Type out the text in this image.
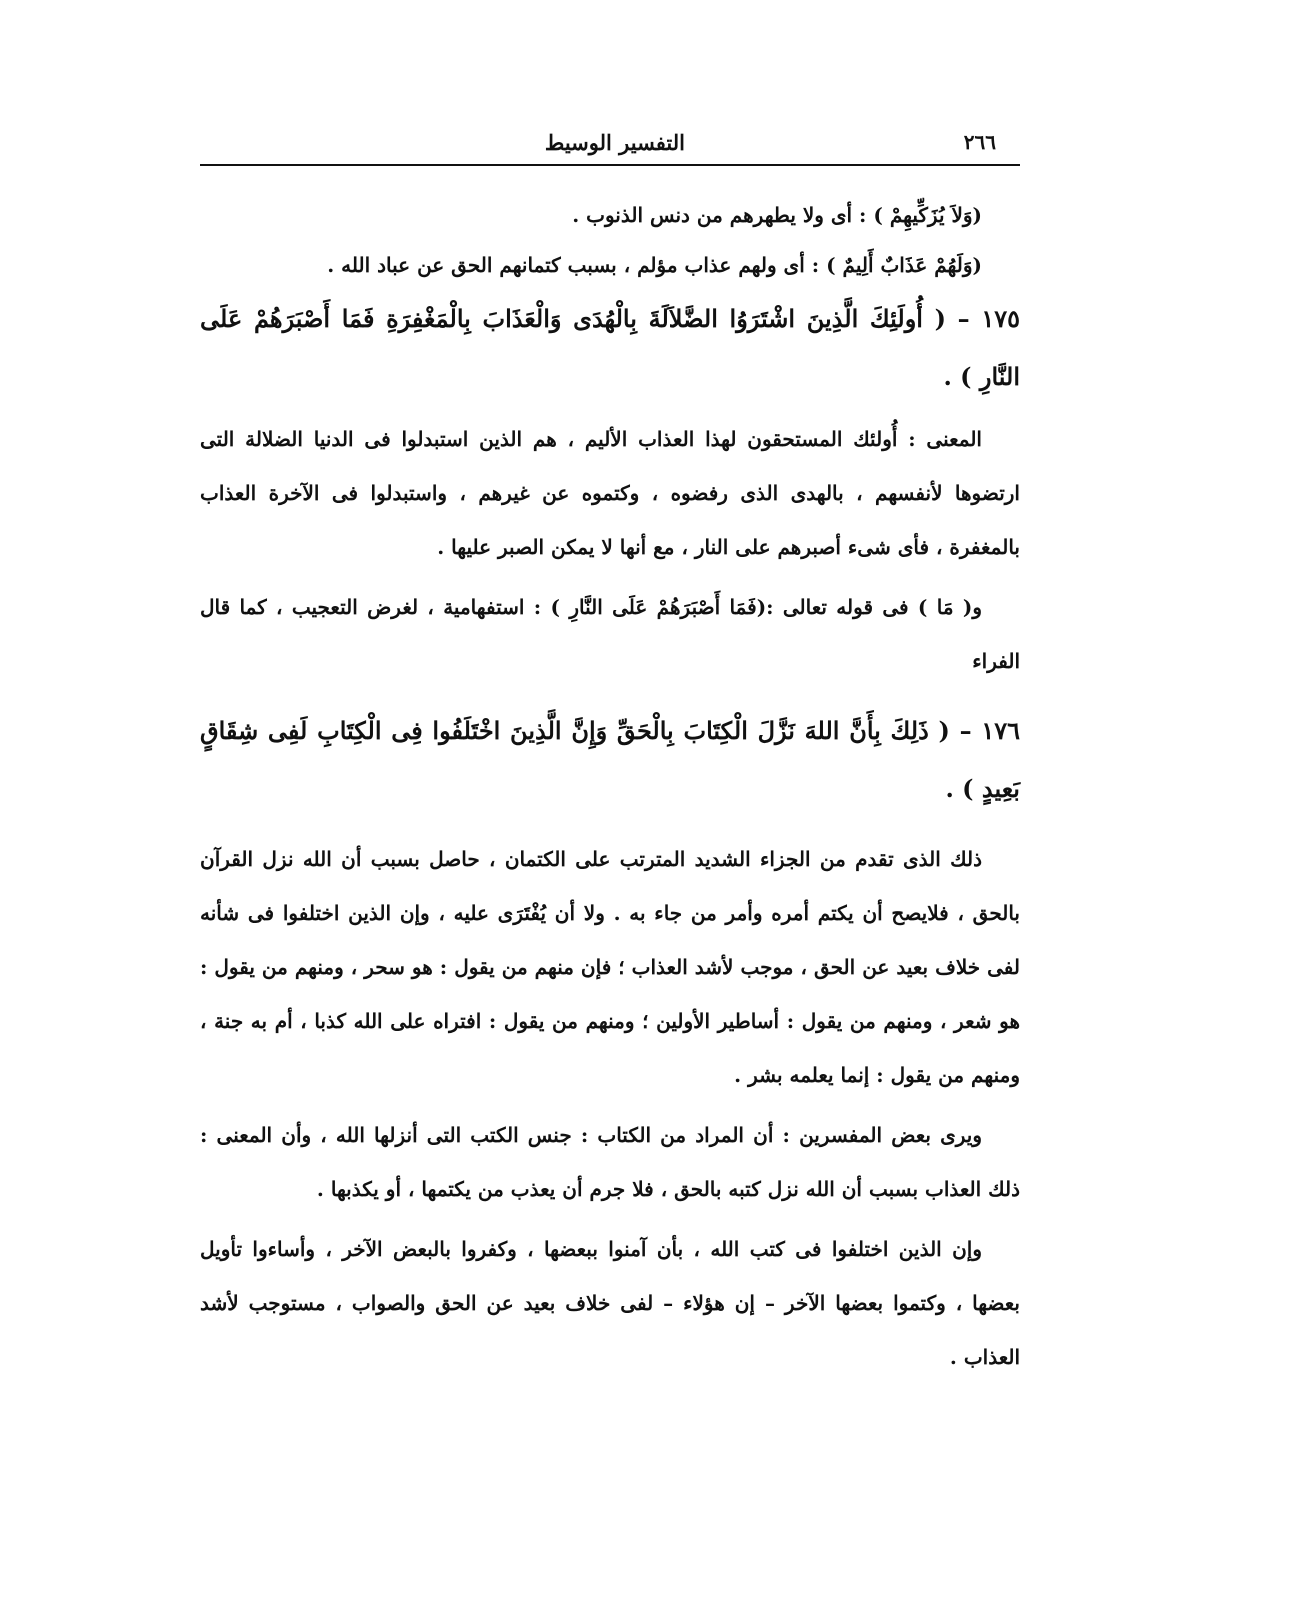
٢٦٦
التفسير الوسيط

(وَلاَ يُزَكِّيهِمْ ) : أى ولا يطهرهم من دنس الذنوب .

(وَلَهُمْ عَذَابٌ أَلِيمٌ ) : أى ولهم عذاب مؤلم ، بسبب كتمانهم الحق عن عباد الله .

١٧٥ – ( أُولَئِكَ الَّذِينَ اشْتَرَوُا الضَّلاَلَةَ بِالْهُدَى وَالْعَذَابَ بِالْمَغْفِرَةِ فَمَا أَصْبَرَهُمْ عَلَى النَّارِ ) .

المعنى : أُولئك المستحقون لهذا العذاب الأليم ، هم الذين استبدلوا فى الدنيا الضلالة التى ارتضوها لأنفسهم ، بالهدى الذى رفضوه ، وكتموه عن غيرهم ، واستبدلوا فى الآخرة العذاب بالمغفرة ، فأى شىء أصبرهم على النار ، مع أنها لا يمكن الصبر عليها .

و( مَا ) فى قوله تعالى :(فَمَا أَصْبَرَهُمْ عَلَى النَّارِ ) : استفهامية ، لغرض التعجيب ، كما قال الفراء

١٧٦ – ( ذَلِكَ بِأَنَّ اللهَ نَزَّلَ الْكِتَابَ بِالْحَقِّ وَإِنَّ الَّذِينَ اخْتَلَفُوا فِى الْكِتَابِ لَفِى شِقَاقٍ بَعِيدٍ ) .

ذلك الذى تقدم من الجزاء الشديد المترتب على الكتمان ، حاصل بسبب أن الله نزل القرآن بالحق ، فلايصح أن يكتم أمره وأمر من جاء به . ولا أن يُفْتَرَى عليه ، وإن الذين اختلفوا فى شأنه لفى خلاف بعيد عن الحق ، موجب لأشد العذاب ؛ فإن منهم من يقول : هو سحر ، ومنهم من يقول : هو شعر ، ومنهم من يقول : أساطير الأولين ؛ ومنهم من يقول : افتراه على الله كذبا ، أم به جنة ، ومنهم من يقول : إنما يعلمه بشر .

ويرى بعض المفسرين : أن المراد من الكتاب : جنس الكتب التى أنزلها الله ، وأن المعنى : ذلك العذاب بسبب أن الله نزل كتبه بالحق ، فلا جرم أن يعذب من يكتمها ، أو يكذبها .

وإن الذين اختلفوا فى كتب الله ، بأن آمنوا ببعضها ، وكفروا بالبعض الآخر ، وأساءوا تأويل بعضها ، وكتموا بعضها الآخر – إن هؤلاء – لفى خلاف بعيد عن الحق والصواب ، مستوجب لأشد العذاب .
